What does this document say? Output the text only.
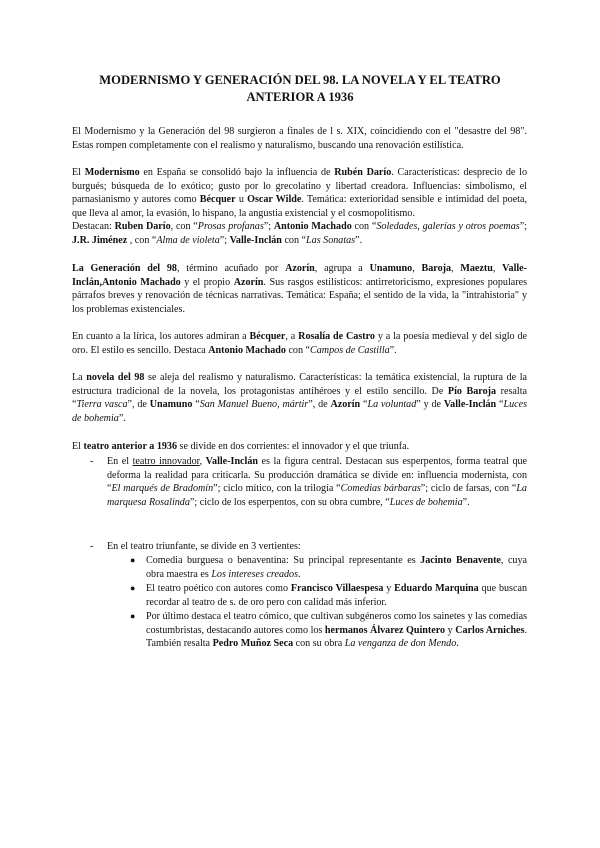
MODERNISMO Y GENERACIÓN DEL 98. LA NOVELA Y EL TEATRO
ANTERIOR A 1936

El Modernismo y la Generación del 98 surgieron a finales de l s. XIX, coincidiendo con el "desastre del 98". Estas rompen completamente con el realismo y naturalismo, buscando una renovación estilística.

El Modernismo en España se consolidó bajo la influencia de Rubén Darío. Características: desprecio de lo burgués; búsqueda de lo exótico; gusto por lo grecolatino y libertad creadora. Influencias: simbolismo, el parnasianismo y autores como Bécquer u Oscar Wilde. Temática: exterioridad sensible e intimidad del poeta, que lleva al amor, la evasión, lo hispano, la angustia existencial y el cosmopolitismo.

Destacan: Ruben Darío, con “Prosas profanas”; Antonio Machado con “Soledades, galerías y otros poemas”; J.R. Jiménez , con “Alma de violeta”; Valle-Inclán con “Las Sonatas”.

La Generación del 98, término acuñado por Azorín, agrupa a Unamuno, Baroja, Maeztu, Valle-Inclán,Antonio Machado y el propio Azorín. Sus rasgos estilísticos: antirretoricismo, expresiones populares párrafos breves y renovación de técnicas narrativas. Temática: España; el sentido de la vida, la "intrahistoria" y los problemas existenciales.

En cuanto a la lírica, los autores admiran a Bécquer, a Rosalía de Castro y a la poesía medieval y del siglo de oro. El estilo es sencillo. Destaca Antonio Machado con “Campos de Castilla”.

La novela del 98 se aleja del realismo y naturalismo. Características: la temática existencial, la ruptura de la estructura tradicional de la novela, los protagonistas antihéroes y el estilo sencillo. De Pío Baroja resalta “Tierra vasca”, de Unamuno “San Manuel Bueno, mártir”, de Azorín “La voluntad” y de Valle-Inclán “Luces de bohemia”.

El teatro anterior a 1936 se divide en dos corrientes: el innovador y el que triunfa.

- En el teatro innovador, Valle-Inclán es la figura central. Destacan sus esperpentos, forma teatral que deforma la realidad para criticarla. Su producción dramática se divide en: influencia modernista, con “El marqués de Bradomín”; ciclo mítico, con la trilogía “Comedias bárbaras”; ciclo de farsas, con “La marquesa Rosalinda”; ciclo de los esperpentos, con su obra cumbre, “Luces de bohemia”.
- En el teatro triunfante, se divide en 3 vertientes:
● Comedia burguesa o benaventina: Su principal representante es Jacinto Benavente, cuya obra maestra es Los intereses creados.
● El teatro poético con autores como Francisco Villaespesa y Eduardo Marquina que buscan recordar al teatro de s. de oro pero con calidad más inferior.
● Por último destaca el teatro cómico, que cultivan subgéneros como los sainetes y las comedias costumbristas, destacando autores como los hermanos Álvarez Quintero y Carlos Arniches. También resalta Pedro Muñoz Seca con su obra La venganza de don Mendo.
